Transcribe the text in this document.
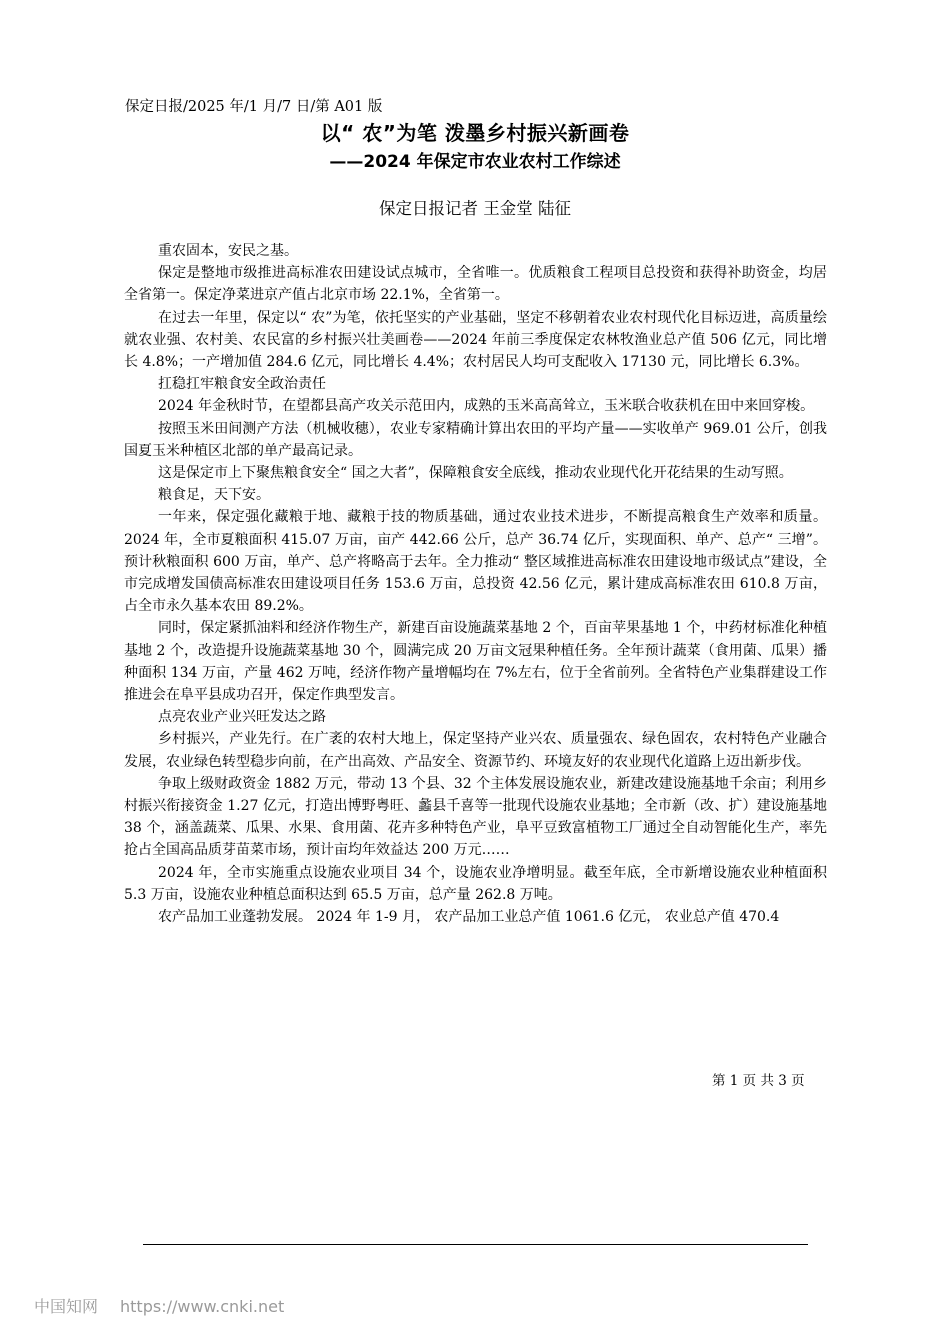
保定日报/2025 年/1 月/7 日/第 A01 版
以“ 农”为笔 泼墨乡村振兴新画卷
——2024 年保定市农业农村工作综述
保定日报记者 王金堂 陆征

重农固本，安民之基。

保定是整地市级推进高标准农田建设试点城市，全省唯一。优质粮食工程项目总投资和获得补助资金，均居全省第一。保定净菜进京产值占北京市场 22.1%，全省第一。

在过去一年里，保定以“ 农”为笔，依托坚实的产业基础，坚定不移朝着农业农村现代化目标迈进，高质量绘就农业强、农村美、农民富的乡村振兴壮美画卷——2024 年前三季度保定农林牧渔业总产值 506 亿元，同比增长 4.8%；一产增加值 284.6 亿元，同比增长 4.4%；农村居民人均可支配收入 17130 元，同比增长 6.3%。

扛稳扛牢粮食安全政治责任

2024 年金秋时节，在望都县高产攻关示范田内，成熟的玉米高高耸立，玉米联合收获机在田中来回穿梭。

按照玉米田间测产方法（机械收穗），农业专家精确计算出农田的平均产量——实收单产 969.01 公斤，创我国夏玉米种植区北部的单产最高记录。

这是保定市上下聚焦粮食安全“ 国之大者”，保障粮食安全底线，推动农业现代化开花结果的生动写照。

粮食足，天下安。

一年来，保定强化藏粮于地、藏粮于技的物质基础，通过农业技术进步，不断提高粮食生产效率和质量。2024 年，全市夏粮面积 415.07 万亩，亩产 442.66 公斤，总产 36.74 亿斤，实现面积、单产、总产“ 三增”。预计秋粮面积 600 万亩，单产、总产将略高于去年。全力推动“ 整区域推进高标准农田建设地市级试点”建设，全市完成增发国债高标准农田建设项目任务 153.6 万亩，总投资 42.56 亿元，累计建成高标准农田 610.8 万亩，占全市永久基本农田 89.2%。

同时，保定紧抓油料和经济作物生产，新建百亩设施蔬菜基地 2 个，百亩苹果基地 1 个，中药材标准化种植基地 2 个，改造提升设施蔬菜基地 30 个，圆满完成 20 万亩文冠果种植任务。全年预计蔬菜（食用菌、瓜果）播种面积 134 万亩，产量 462 万吨，经济作物产量增幅均在 7%左右，位于全省前列。全省特色产业集群建设工作推进会在阜平县成功召开，保定作典型发言。

点亮农业产业兴旺发达之路

乡村振兴，产业先行。在广袤的农村大地上，保定坚持产业兴农、质量强农、绿色固农，农村特色产业融合发展，农业绿色转型稳步向前，在产出高效、产品安全、资源节约、环境友好的农业现代化道路上迈出新步伐。

争取上级财政资金 1882 万元，带动 13 个县、32 个主体发展设施农业，新建改建设施基地千余亩；利用乡村振兴衔接资金 1.27 亿元，打造出博野粤旺、蠡县千喜等一批现代设施农业基地；全市新（改、扩）建设施基地 38 个，涵盖蔬菜、瓜果、水果、食用菌、花卉多种特色产业，阜平豆致富植物工厂通过全自动智能化生产，率先抢占全国高品质芽苗菜市场，预计亩均年效益达 200 万元……

2024 年，全市实施重点设施农业项目 34 个，设施农业净增明显。截至年底，全市新增设施农业种植面积 5.3 万亩，设施农业种植总面积达到 65.5 万亩，总产量 262.8 万吨。

农产品加工业蓬勃发展。 2024 年 1-9 月， 农产品加工业总产值 1061.6 亿元， 农业总产值 470.4

第 1 页 共 3 页
中国知网 https://www.cnki.net
